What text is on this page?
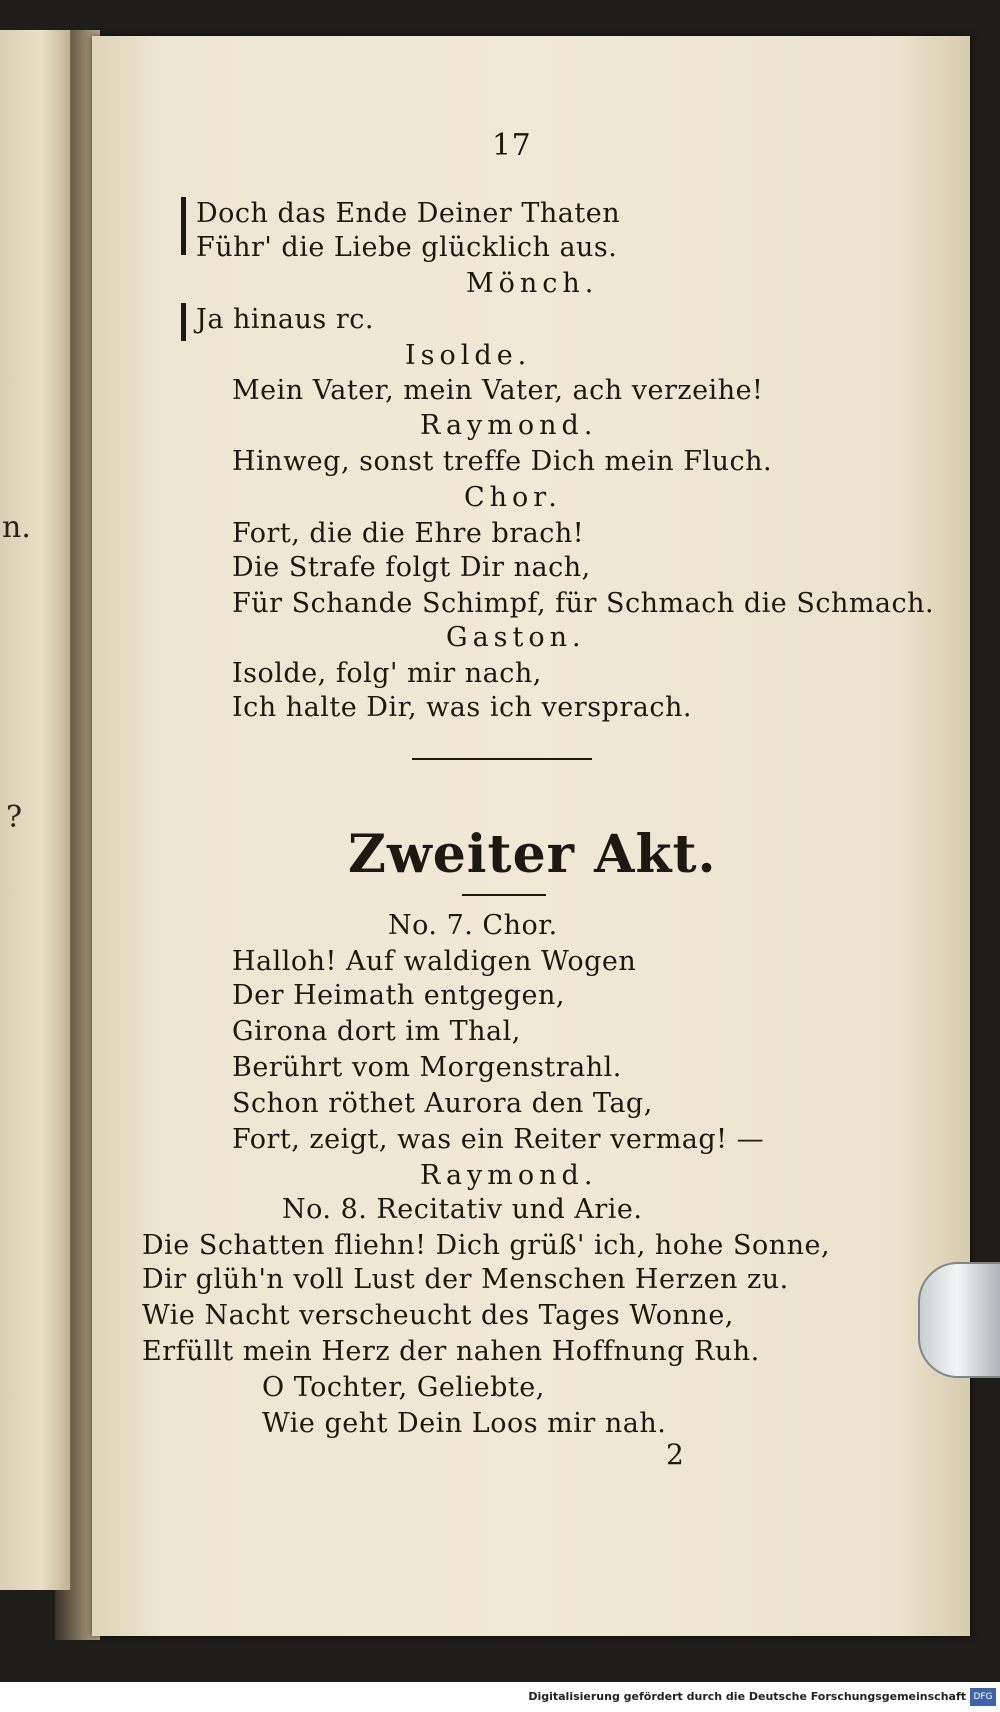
n.
?
17
Doch das Ende Deiner Thaten
Führ' die Liebe glücklich aus.
Mönch.
Ja hinaus rc.
Isolde.
Mein Vater, mein Vater, ach verzeihe!
Raymond.
Hinweg, sonst treffe Dich mein Fluch.
Chor.
Fort, die die Ehre brach!
Die Strafe folgt Dir nach,
Für Schande Schimpf, für Schmach die Schmach.
Gaston.
Isolde, folg' mir nach,
Ich halte Dir, was ich versprach.
Zweiter Akt.
No. 7. Chor.
Halloh! Auf waldigen Wogen
Der Heimath entgegen,
Girona dort im Thal,
Berührt vom Morgenstrahl.
Schon röthet Aurora den Tag,
Fort, zeigt, was ein Reiter vermag! —
Raymond.
No. 8. Recitativ und Arie.
Die Schatten fliehn! Dich grüß' ich, hohe Sonne,
Dir glüh'n voll Lust der Menschen Herzen zu.
Wie Nacht verscheucht des Tages Wonne,
Erfüllt mein Herz der nahen Hoffnung Ruh.
O Tochter, Geliebte,
Wie geht Dein Loos mir nah.
2
Digitalisierung gefördert durch die Deutsche Forschungsgemeinschaft DFG
